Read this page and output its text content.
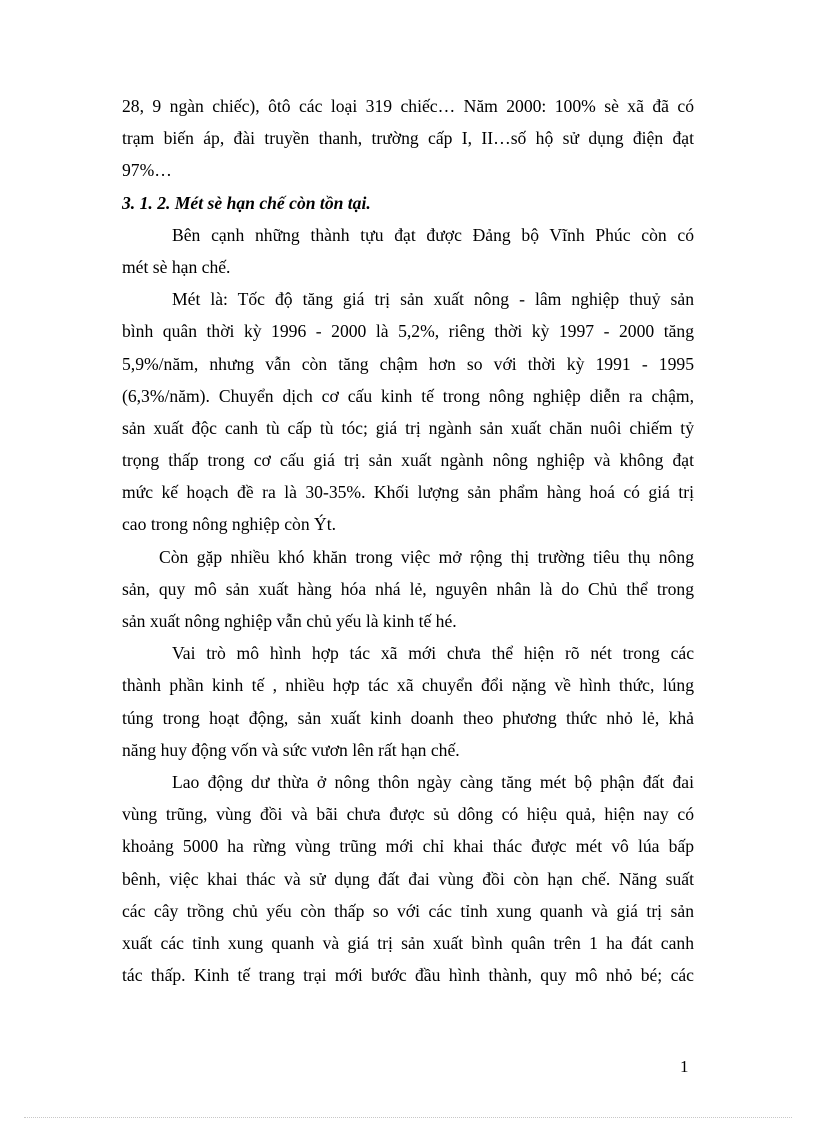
28, 9 ngàn chiếc), ôtô các loại 319 chiếc… Năm 2000: 100% sè xã đã có
trạm biến áp, đài truyền thanh, trường cấp I, II…số hộ sử dụng điện đạt
97%…
3. 1. 2. Mét sè hạn chế còn tồn tại.
Bên cạnh những thành tựu đạt được Đảng bộ Vĩnh Phúc còn có
mét sè hạn chế.
Mét là: Tốc độ tăng giá trị sản xuất nông - lâm nghiệp thuỷ sản
bình quân thời kỳ 1996 - 2000 là 5,2%, riêng thời kỳ 1997 - 2000 tăng
5,9%/năm, nhưng vẫn còn tăng chậm hơn so với thời kỳ 1991 - 1995
(6,3%/năm). Chuyển dịch cơ cấu kinh tế trong nông nghiệp diễn ra chậm,
sản xuất độc canh tù cấp tù tóc; giá trị ngành sản xuất chăn nuôi chiếm tỷ
trọng thấp trong cơ cấu giá trị sản xuất ngành nông nghiệp và không đạt
mức kế hoạch đề ra là 30-35%. Khối lượng sản phẩm hàng hoá có giá trị
cao trong nông nghiệp còn Ýt.
Còn gặp nhiều khó khăn trong việc mở rộng thị trường tiêu thụ nông
sản, quy mô sản xuất hàng hóa nhá lẻ, nguyên nhân là do Chủ thể trong
sản xuất nông nghiệp vẫn chủ yếu là kinh tế hé.
Vai trò mô hình hợp tác xã mới chưa thể hiện rõ nét trong các
thành phần kinh tế , nhiều hợp tác xã chuyển đổi nặng về hình thức, lúng
túng trong hoạt động, sản xuất kinh doanh theo phương thức nhỏ lẻ, khả
năng huy động vốn và sức vươn lên rất hạn chế.
Lao động dư thừa ở nông thôn ngày càng tăng mét bộ phận đất đai
vùng trũng, vùng đồi và bãi chưa được sủ dông có hiệu quả, hiện nay có
khoảng 5000 ha rừng vùng trũng mới chỉ khai thác được mét vô lúa bấp
bênh, việc khai thác và sử dụng đất đai vùng đồi còn hạn chế. Năng suất
các cây trồng chủ yếu còn thấp so với các tỉnh xung quanh và giá trị sản
xuất các tỉnh xung quanh và giá trị sản xuất bình quân trên 1 ha đát canh
tác thấp. Kinh tế trang trại mới bước đầu hình thành, quy mô nhỏ bé; các
1
